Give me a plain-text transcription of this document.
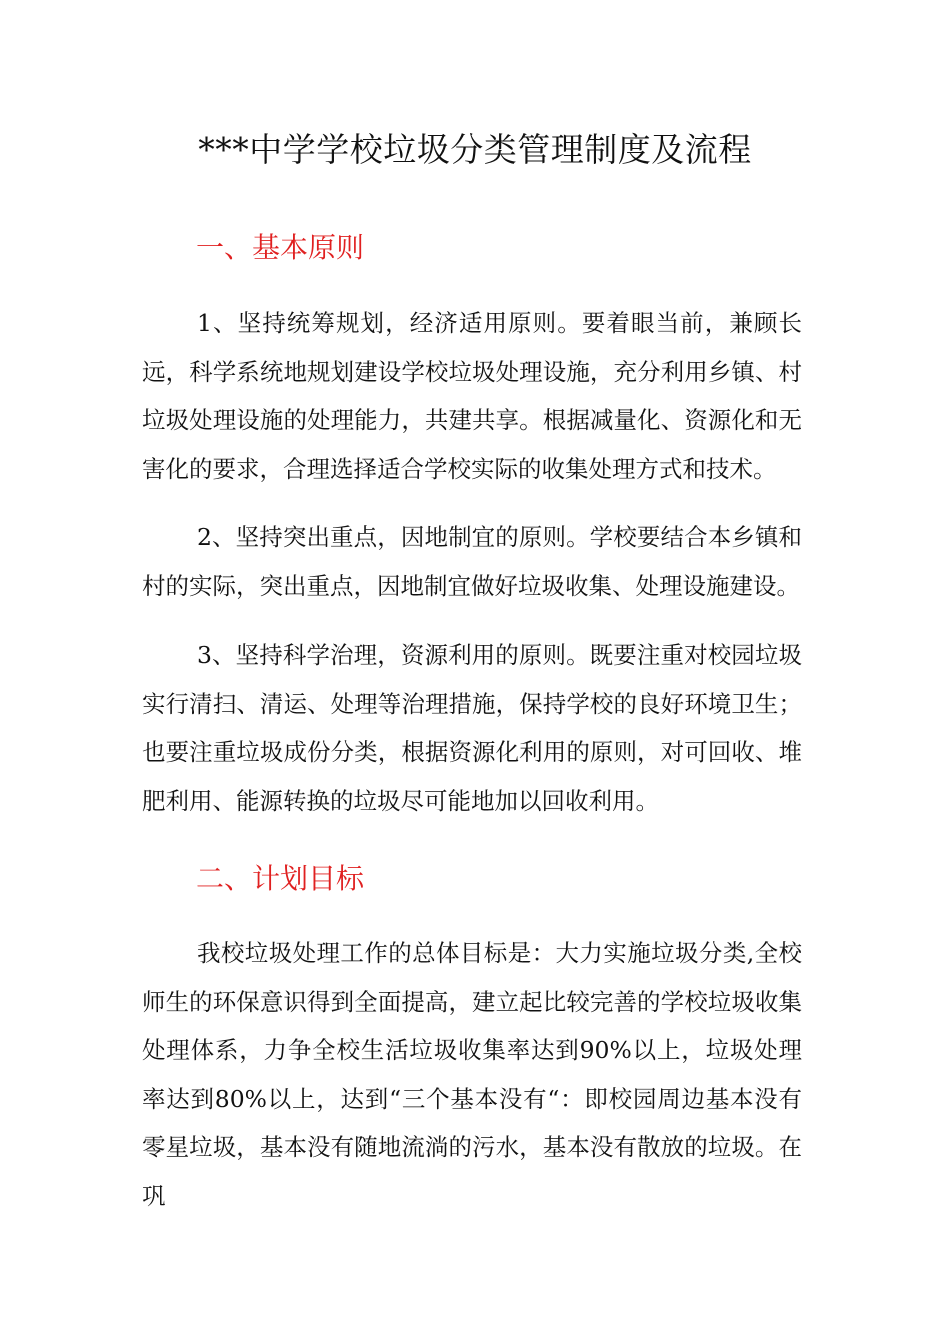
***中学学校垃圾分类管理制度及流程
一、基本原则

1、坚持统筹规划，经济适用原则。要着眼当前，兼顾长远，科学系统地规划建设学校垃圾处理设施，充分利用乡镇、村垃圾处理设施的处理能力，共建共享。根据减量化、资源化和无害化的要求，合理选择适合学校实际的收集处理方式和技术。

2、坚持突出重点，因地制宜的原则。学校要结合本乡镇和村的实际，突出重点，因地制宜做好垃圾收集、处理设施建设。

3、坚持科学治理，资源利用的原则。既要注重对校园垃圾实行清扫、清运、处理等治理措施，保持学校的良好环境卫生；也要注重垃圾成份分类，根据资源化利用的原则，对可回收、堆肥利用、能源转换的垃圾尽可能地加以回收利用。

二、计划目标

我校垃圾处理工作的总体目标是：大力实施垃圾分类,全校师生的环保意识得到全面提高，建立起比较完善的学校垃圾收集处理体系，力争全校生活垃圾收集率达到90%以上，垃圾处理率达到80%以上，达到“三个基本没有“：即校园周边基本没有零星垃圾，基本没有随地流淌的污水，基本没有散放的垃圾。在巩
